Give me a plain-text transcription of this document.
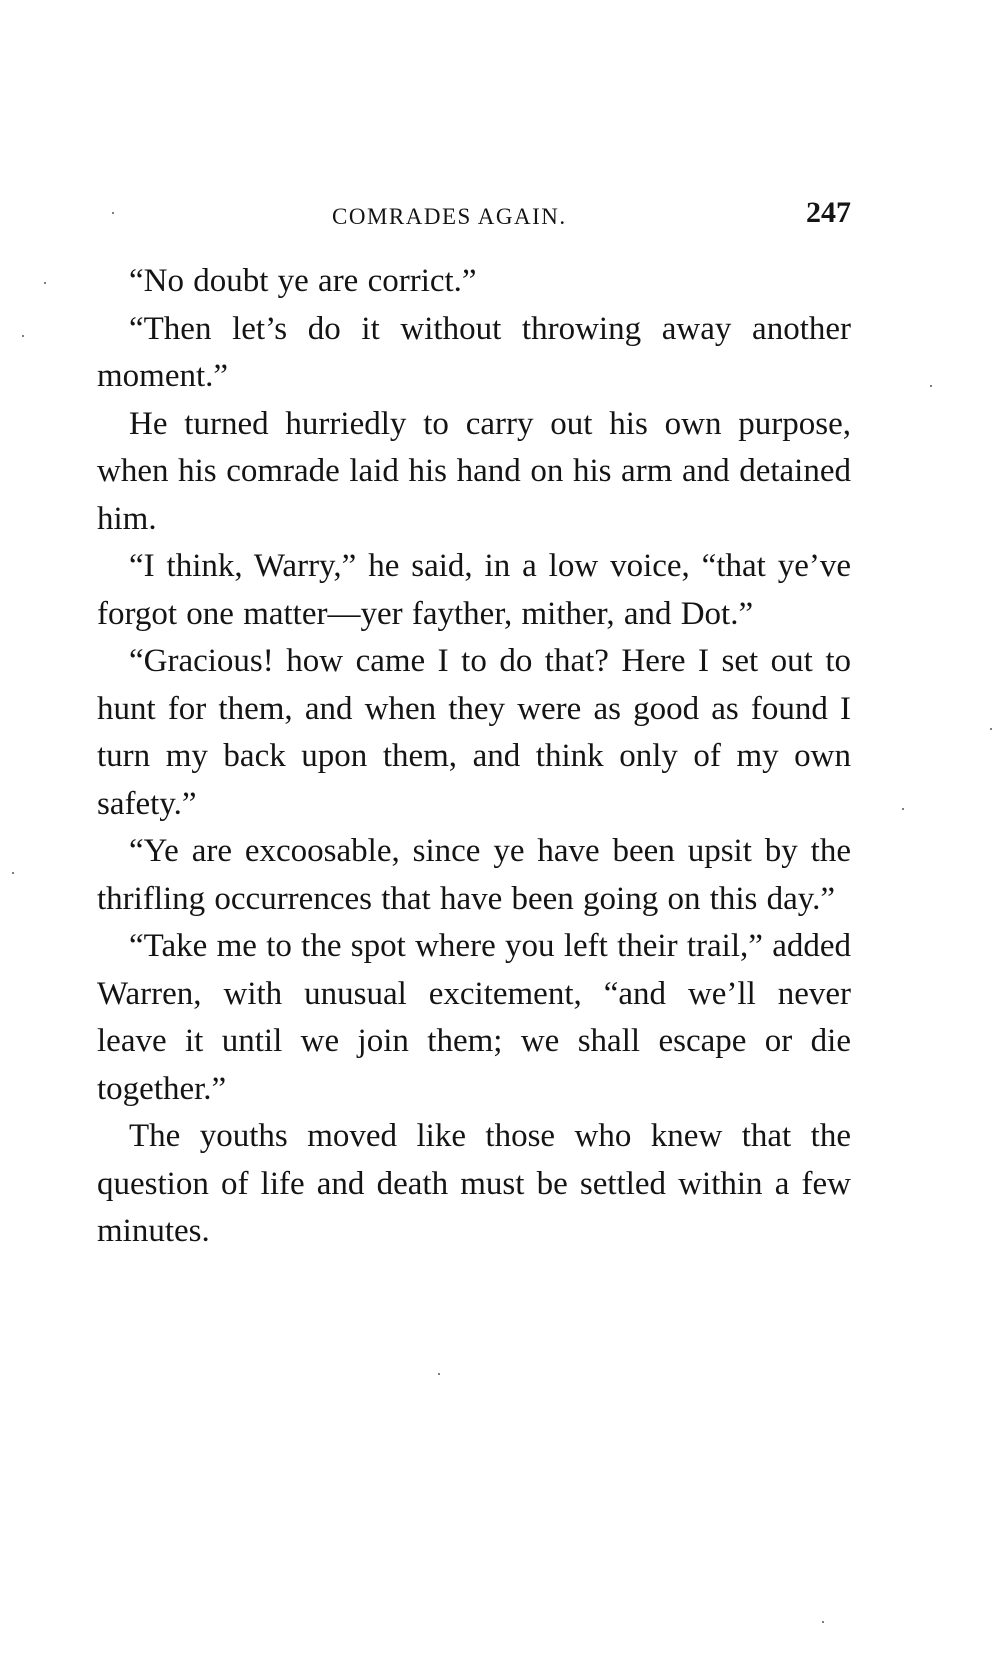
COMRADES AGAIN.	247

“No doubt ye are corrict.”

“Then let’s do it without throwing away another moment.”

He turned hurriedly to carry out his own purpose, when his comrade laid his hand on his arm and detained him.

“I think, Warry,” he said, in a low voice, “that ye’ve forgot one matter—yer fayther, mither, and Dot.”

“Gracious! how came I to do that? Here I set out to hunt for them, and when they were as good as found I turn my back upon them, and think only of my own safety.”

“Ye are excoosable, since ye have been upsit by the thrifling occurrences that have been going on this day.”

“Take me to the spot where you left their trail,” added Warren, with unusual excitement, “and we’ll never leave it until we join them; we shall escape or die together.”

The youths moved like those who knew that the question of life and death must be settled within a few minutes.
